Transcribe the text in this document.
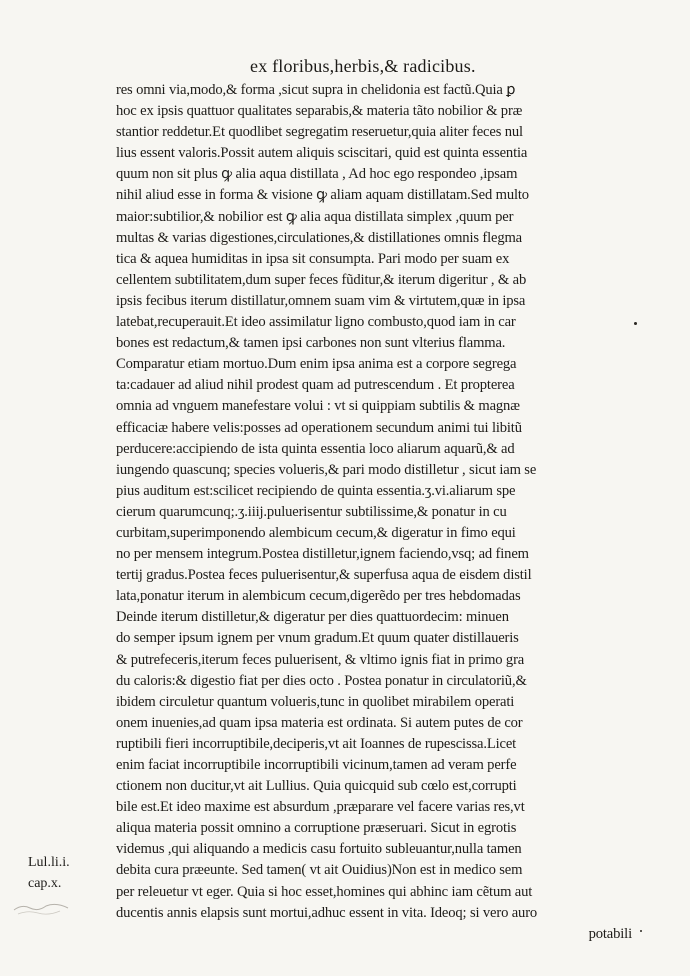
ex floribus,herbis,& radicibus.
res omni via,modo,& forma ,sicut supra in chelidonia est factũ.Quia ꝑ
hoc ex ipsis quattuor qualitates separabis,& materia tãto nobilior & præ
stantior reddetur.Et quodlibet segregatim reseruetur,quia aliter feces nul
lius essent valoris.Possit autem aliquis sciscitari, quid est quinta essentia
quum non sit plus ꝙ alia aqua distillata , Ad hoc ego respondeo ,ipsam
nihil aliud esse in forma & visione ꝙ aliam aquam distillatam.Sed multo
maior:subtilior,& nobilior est ꝙ alia aqua distillata simplex ,quum per
multas & varias digestiones,circulationes,& distillationes omnis flegma
tica & aquea humiditas in ipsa sit consumpta. Pari modo per suam ex
cellentem subtilitatem,dum super feces fũditur,& iterum digeritur , & ab
ipsis fecibus iterum distillatur,omnem suam vim & virtutem,quæ in ipsa
latebat,recuperauit.Et ideo assimilatur ligno combusto,quod iam in car
bones est redactum,& tamen ipsi carbones non sunt vlterius flamma.
Comparatur etiam mortuo.Dum enim ipsa anima est a corpore segrega
ta:cadauer ad aliud nihil prodest quam ad putrescendum . Et propterea
omnia ad vnguem manefestare volui : vt si quippiam subtilis & magnæ
efficaciæ habere velis:posses ad operationem secundum animi tui libitũ
perducere:accipiendo de ista quinta essentia loco aliarum aquarũ,& ad
iungendo quascunq; species volueris,& pari modo distilletur , sicut iam se
pius auditum est:scilicet recipiendo de quinta essentia.ʒ.vi.aliarum spe
cierum quarumcunq;.ʒ.iiij.puluerisentur subtilissime,& ponatur in cu
curbitam,superimponendo alembicum cecum,& digeratur in fimo equi
no per mensem integrum.Postea distilletur,ignem faciendo,vsq; ad finem
tertij gradus.Postea feces puluerisentur,& superfusa aqua de eisdem distil
lata,ponatur iterum in alembicum cecum,digerẽdo per tres hebdomadas
Deinde iterum distilletur,& digeratur per dies quattuordecim: minuen
do semper ipsum ignem per vnum gradum.Et quum quater distillaueris
& putrefeceris,iterum feces puluerisent, & vltimo ignis fiat in primo gra
du caloris:& digestio fiat per dies octo . Postea ponatur in circulatoriũ,&
ibidem circuletur quantum volueris,tunc in quolibet mirabilem operati
onem inuenies,ad quam ipsa materia est ordinata. Si autem putes de cor
ruptibili fieri incorruptibile,deciperis,vt ait Ioannes de rupescissa.Licet
enim faciat incorruptibile incorruptibili vicinum,tamen ad veram perfe
ctionem non ducitur,vt ait Lullius. Quia quicquid sub cœlo est,corrupti
bile est.Et ideo maxime est absurdum ,præparare vel facere varias res,vt
aliqua materia possit omnino a corruptione præseruari. Sicut in egrotis
videmus ,qui aliquando a medicis casu fortuito subleuantur,nulla tamen
debita cura præeunte. Sed tamen( vt ait Ouidius)Non est in medico sem
per releuetur vt eger. Quia si hoc esset,homines qui abhinc iam cẽtum aut
ducentis annis elapsis sunt mortui,adhuc essent in vita. Ideoq; si vero auro
potabili
Lul.li.i.
cap.x.
